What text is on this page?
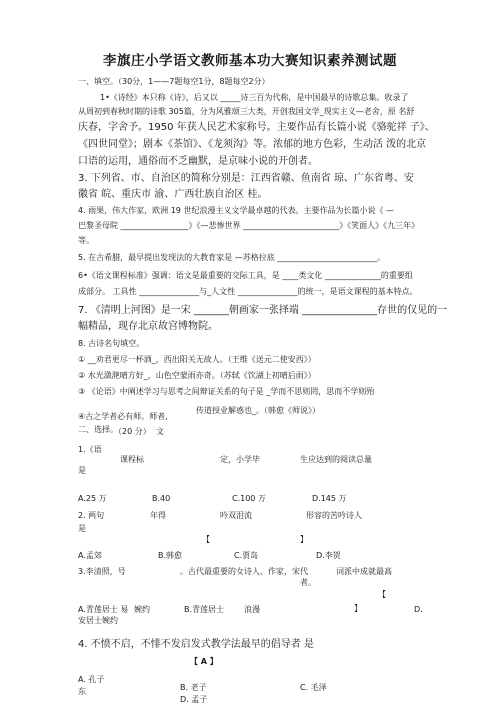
李旗庄小学语文教师基本功大赛知识素养测试题
一、填空。（30分，1——7题每空1分，8题每空2分）
1•《诗经》本只称《诗》，后又以 _____诗三百为代称，是中国最早的诗歌总集。收录了
从周初到春秋时期的诗歌 305篇，分为风雅颂三大类，开创我国文学_现实主义—老舍，原 名舒
庆春，字舍予。1950 年获人民艺术家称号。主要作品有长篇小说《骆驼祥 子》、
《四世同堂》；剧本《茶馆》、《龙须沟》等。浓郁的地方色彩，生动活 泼的北京
口语的运用，通俗而不乏幽默，是京味小说的开创者。
3. 下列省、市、自治区的简称分别是：江西省赣、鱼南省 琼、广东省粤、安
徽省 皖、重庆市 渝、广西壮族自治区 桂。
4. 雨果，伟大作家，欧洲 19 世纪浪漫主义文学最卓越的代表。主要作品为长篇小说《 —
巴黎圣母院 _________________》《—悲惨世界 ________________________》《笑面人》《九三年》
等。
5. 在古希腊，最早提出发现法的大教育家是 —苏格拉底 _________________________。
6•《语文课程标准》强调：语文是最重要的交际工具，是 ____类文化 ______________的重要组
成部分。 工具性 _______________与_人文性 _______________的统一，是语文课程的基本特点。
7. 《清明上河图》是一宋 _______朝画家一张择端 _______________存世的仅见的一
幅精品，现存北京故宫博物院。
8. 古诗名句填空。
① __劝君更尽一杯酒_，西出阳关无故人。（王维《送元二使安西》）
② 水光潋滟晴方好_，山色空蒙雨亦奇。（苏轼《饮湖上初晴后雨》）
③ 《论语》中阐述学习与思考之间辩证关系的句子是 _学而不思则罔，思而不学则殆
④古之学者必有师。师者,
传道授业解惑也_。（韩愈《师说》）
二、选择。
（20 分） 文
1.《语
课程标	定，小学毕	生应达到的阅读总量
是
A.25 万	B.40	C.100 万	D.145 万
2. 两句	年得	吟双泪流	形容的苦吟诗人
是
【	】
A.孟郊	B.韩愈	C.贾岛	D.李贺
3.李清照，号	。古代最重要的女诗人、作家，宋代	词派中成就最高
者。
【
A.青莲居士 易 婉约	B.青莲居士 浪漫	】	D.
安居士婉约
4. 不愤不启，不悱不发启发式教学法最早的倡导者 是
【 A 】
A. 孔子
东	B. 老子	C. 毛泽
D. 孟子
